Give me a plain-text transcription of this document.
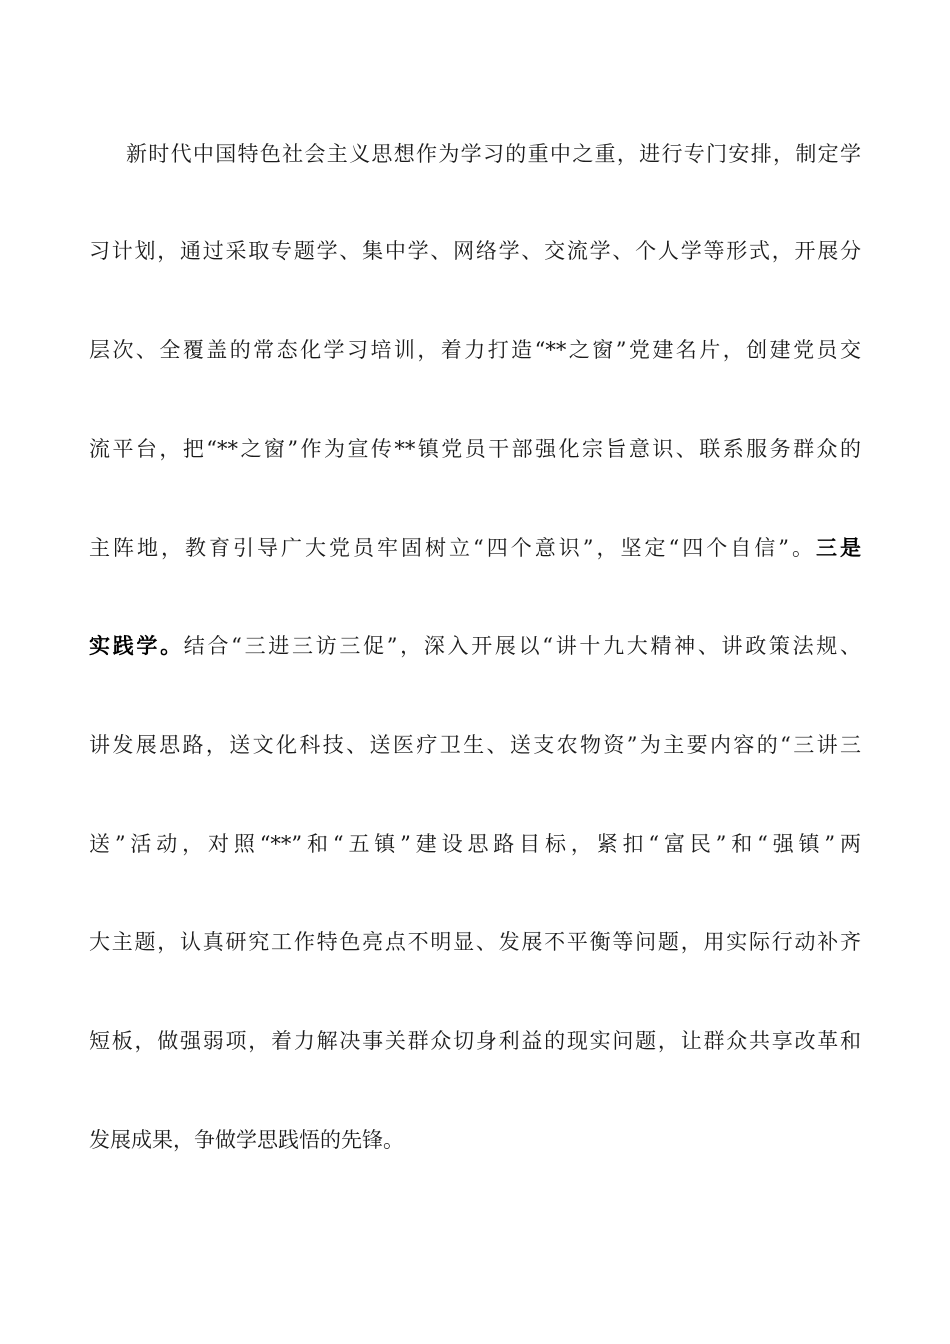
新时代中国特色社会主义思想作为学习的重中之重，进行专门安排，制定学
习计划，通过采取专题学、集中学、网络学、交流学、个人学等形式，开展分
层次、全覆盖的常态化学习培训，着力打造“**之窗”党建名片，创建党员交
流平台，把“**之窗”作为宣传**镇党员干部强化宗旨意识、联系服务群众的
主阵地，教育引导广大党员牢固树立“四个意识”，坚定“四个自信”。三是
实践学。结合“三进三访三促”，深入开展以“讲十九大精神、讲政策法规、
讲发展思路，送文化科技、送医疗卫生、送支农物资”为主要内容的“三讲三
送”活动，对照“**”和“五镇”建设思路目标，紧扣“富民”和“强镇”两
大主题，认真研究工作特色亮点不明显、发展不平衡等问题，用实际行动补齐
短板，做强弱项，着力解决事关群众切身利益的现实问题，让群众共享改革和
发展成果，争做学思践悟的先锋。
